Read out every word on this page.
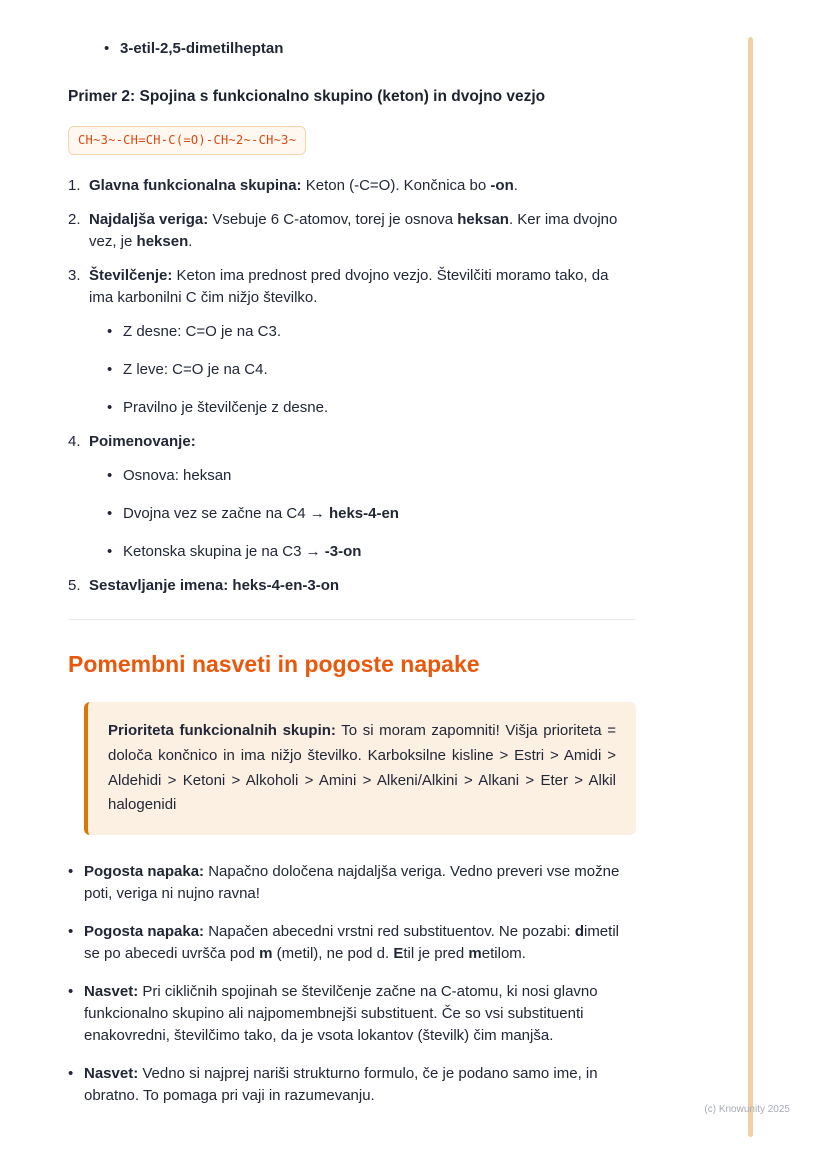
• 3-etil-2,5-dimetilheptan

Primer 2: Spojina s funkcionalno skupino (keton) in dvojno vezjo
CH~3~-CH=CH-C(=O)-CH~2~-CH~3~
1. Glavna funkcionalna skupina: Keton (-C=O). Končnica bo -on.

2. Najdaljša veriga: Vsebuje 6 C-atomov, torej je osnova heksan. Ker ima dvojno vez, je heksen.

3. Številčenje: Keton ima prednost pred dvojno vezjo. Številčiti moramo tako, da ima karbonilni C čim nižjo številko.

• Z desne: C=O je na C3.

• Z leve: C=O je na C4.

• Pravilno je številčenje z desne.

4. Poimenovanje:

• Osnova: heksan

• Dvojna vez se začne na C4 → heks-4-en

• Ketonska skupina je na C3 → -3-on

5. Sestavljanje imena: heks-4-en-3-on

Pomembni nasveti in pogoste napake

Prioriteta funkcionalnih skupin: To si moram zapomniti! Višja prioriteta = določa končnico in ima nižjo številko. Karboksilne kisline > Estri > Amidi > Aldehidi > Ketoni > Alkoholi > Amini > Alkeni/Alkini > Alkani > Eter > Alkil halogenidi

• Pogosta napaka: Napačno določena najdaljša veriga. Vedno preveri vse možne poti, veriga ni nujno ravna!

• Pogosta napaka: Napačen abecedni vrstni red substituentov. Ne pozabi: dimetil se po abecedi uvršča pod m (metil), ne pod d. Etil je pred metilom.

• Nasvet: Pri cikličnih spojinah se številčenje začne na C-atomu, ki nosi glavno funkcionalno skupino ali najpomembnejši substituent. Če so vsi substituenti enakovredni, številčimo tako, da je vsota lokantov (številk) čim manjša.

• Nasvet: Vedno si najprej nariši strukturno formulo, če je podano samo ime, in obratno. To pomaga pri vaji in razumevanju.

(c) Knowunity 2025
